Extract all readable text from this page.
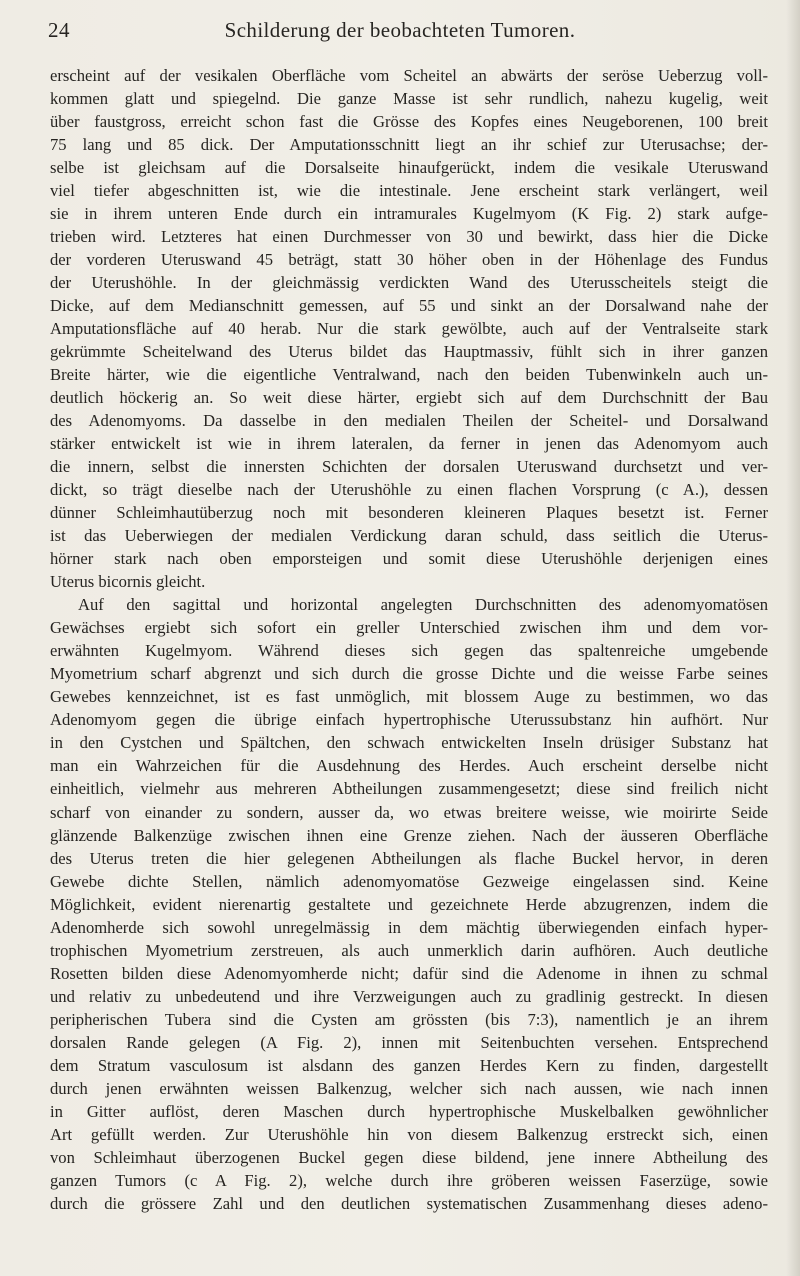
24	Schilderung der beobachteten Tumoren.
erscheint auf der vesikalen Oberfläche vom Scheitel an abwärts der seröse Ueberzug voll-
kommen glatt und spiegelnd. Die ganze Masse ist sehr rundlich, nahezu kugelig, weit
über faustgross, erreicht schon fast die Grösse des Kopfes eines Neugeborenen, 100 breit
75 lang und 85 dick. Der Amputationsschnitt liegt an ihr schief zur Uterusachse; der-
selbe ist gleichsam auf die Dorsalseite hinaufgerückt, indem die vesikale Uteruswand
viel tiefer abgeschnitten ist, wie die intestinale. Jene erscheint stark verlängert, weil
sie in ihrem unteren Ende durch ein intramurales Kugelmyom (K Fig. 2) stark aufge-
trieben wird. Letzteres hat einen Durchmesser von 30 und bewirkt, dass hier die Dicke
der vorderen Uteruswand 45 beträgt, statt 30 höher oben in der Höhenlage des Fundus
der Uterushöhle. In der gleichmässig verdickten Wand des Uterusscheitels steigt die
Dicke, auf dem Medianschnitt gemessen, auf 55 und sinkt an der Dorsalwand nahe der
Amputationsfläche auf 40 herab. Nur die stark gewölbte, auch auf der Ventralseite stark
gekrümmte Scheitelwand des Uterus bildet das Hauptmassiv, fühlt sich in ihrer ganzen
Breite härter, wie die eigentliche Ventralwand, nach den beiden Tubenwinkeln auch un-
deutlich höckerig an. So weit diese härter, ergiebt sich auf dem Durchschnitt der Bau
des Adenomyoms. Da dasselbe in den medialen Theilen der Scheitel- und Dorsalwand
stärker entwickelt ist wie in ihrem lateralen, da ferner in jenen das Adenomyom auch
die innern, selbst die innersten Schichten der dorsalen Uteruswand durchsetzt und ver-
dickt, so trägt dieselbe nach der Uterushöhle zu einen flachen Vorsprung (c A.), dessen
dünner Schleimhautüberzug noch mit besonderen kleineren Plaques besetzt ist. Ferner
ist das Ueberwiegen der medialen Verdickung daran schuld, dass seitlich die Uterus-
hörner stark nach oben emporsteigen und somit diese Uterushöhle derjenigen eines
Uterus bicornis gleicht.
Auf den sagittal und horizontal angelegten Durchschnitten des adenomyomatösen
Gewächses ergiebt sich sofort ein greller Unterschied zwischen ihm und dem vor-
erwähnten Kugelmyom. Während dieses sich gegen das spaltenreiche umgebende
Myometrium scharf abgrenzt und sich durch die grosse Dichte und die weisse Farbe seines
Gewebes kennzeichnet, ist es fast unmöglich, mit blossem Auge zu bestimmen, wo das
Adenomyom gegen die übrige einfach hypertrophische Uterussubstanz hin aufhört. Nur
in den Cystchen und Spältchen, den schwach entwickelten Inseln drüsiger Substanz hat
man ein Wahrzeichen für die Ausdehnung des Herdes. Auch erscheint derselbe nicht
einheitlich, vielmehr aus mehreren Abtheilungen zusammengesetzt; diese sind freilich nicht
scharf von einander zu sondern, ausser da, wo etwas breitere weisse, wie moirirte Seide
glänzende Balkenzüge zwischen ihnen eine Grenze ziehen. Nach der äusseren Oberfläche
des Uterus treten die hier gelegenen Abtheilungen als flache Buckel hervor, in deren
Gewebe dichte Stellen, nämlich adenomyomatöse Gezweige eingelassen sind. Keine
Möglichkeit, evident nierenartig gestaltete und gezeichnete Herde abzugrenzen, indem die
Adenomherde sich sowohl unregelmässig in dem mächtig überwiegenden einfach hyper-
trophischen Myometrium zerstreuen, als auch unmerklich darin aufhören. Auch deutliche
Rosetten bilden diese Adenomyomherde nicht; dafür sind die Adenome in ihnen zu schmal
und relativ zu unbedeutend und ihre Verzweigungen auch zu gradlinig gestreckt. In diesen
peripherischen Tubera sind die Cysten am grössten (bis 7:3), namentlich je an ihrem
dorsalen Rande gelegen (A Fig. 2), innen mit Seitenbuchten versehen. Entsprechend
dem Stratum vasculosum ist alsdann des ganzen Herdes Kern zu finden, dargestellt
durch jenen erwähnten weissen Balkenzug, welcher sich nach aussen, wie nach innen
in Gitter auflöst, deren Maschen durch hypertrophische Muskelbalken gewöhnlicher
Art gefüllt werden. Zur Uterushöhle hin von diesem Balkenzug erstreckt sich, einen
von Schleimhaut überzogenen Buckel gegen diese bildend, jene innere Abtheilung des
ganzen Tumors (c A Fig. 2), welche durch ihre gröberen weissen Faserzüge, sowie
durch die grössere Zahl und den deutlichen systematischen Zusammenhang dieses adeno-
